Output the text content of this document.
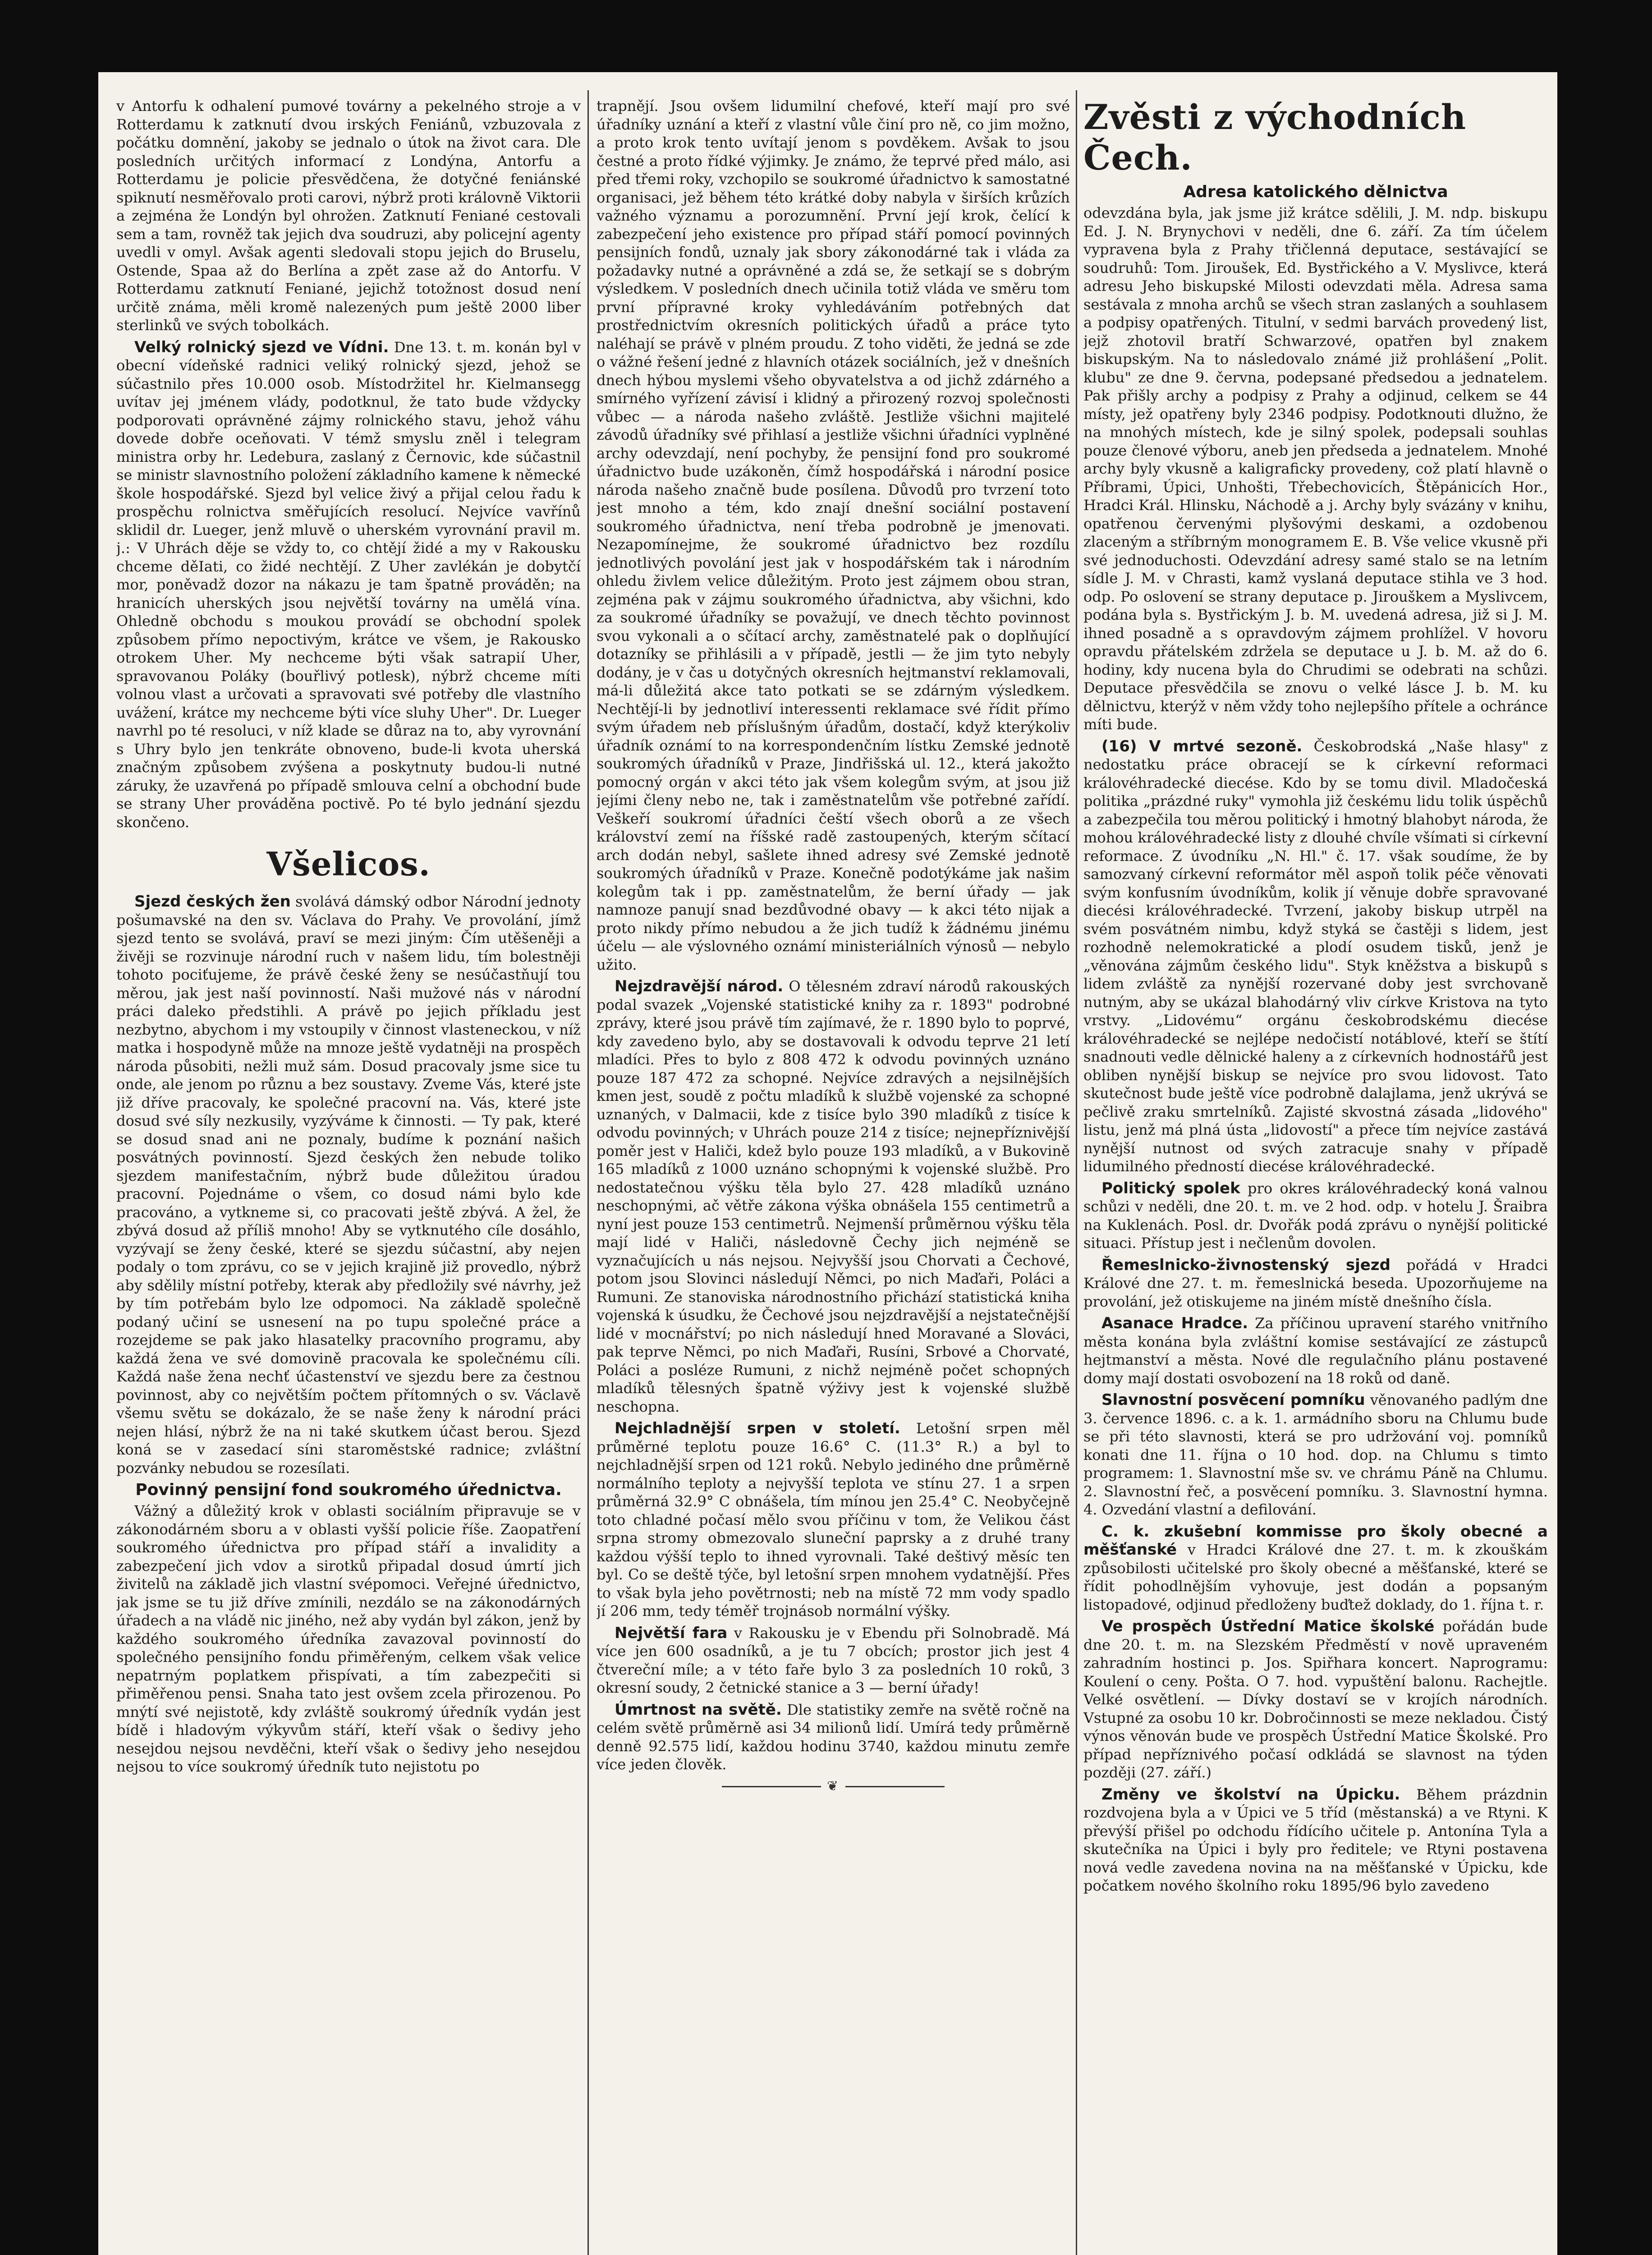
v Antorfu k odhalení pumové továrny a pekelného stroje a v Rotterdamu k zatknutí dvou irských Feniánů, vzbuzovala z počátku domnění, jakoby se jednalo o útok na život cara. Dle posledních určitých informací z Londýna, Antorfu a Rotterdamu je policie přesvědčena, že dotyčné feniánské spiknutí nesměřovalo proti carovi, nýbrž proti královně Viktorii a zejména že Londýn byl ohrožen. Zatknutí Feniané cestovali sem a tam, rovněž tak jejich dva soudruzi, aby policejní agenty uvedli v omyl. Avšak agenti sledovali stopu jejich do Bruselu, Ostende, Spaa až do Berlína a zpět zase až do Antorfu. V Rotterdamu zatknutí Feniané, jejichž totožnost dosud není určitě známa, měli kromě nalezených pum ještě 2000 liber sterlinků ve svých tobolkách.

Velký rolnický sjezd ve Vídni. Dne 13. t. m. konán byl v obecní vídeňské radnici veliký rolnický sjezd, jehož se súčastnilo přes 10.000 osob. Místodržitel hr. Kielmansegg uvítav jej jménem vlády, podotknul, že tato bude vždycky podporovati oprávněné zájmy rolnického stavu, jehož váhu dovede dobře oceňovati. V témž smyslu zněl i telegram ministra orby hr. Ledebura, zaslaný z Černovic, kde súčastnil se ministr slavnostního položení základního kamene k německé škole hospodářské. Sjezd byl velice živý a přijal celou řadu k prospěchu rolnictva směřujících resolucí. Nejvíce vavřínů sklidil dr. Lueger, jenž mluvě o uherském vyrovnání pravil m. j.: V Uhrách děje se vždy to, co chtějí židé a my v Rakousku chceme děIati, co židé nechtějí. Z Uher zavlékán je dobytčí mor, poněvadž dozor na nákazu je tam špatně prováděn; na hranicích uherských jsou největší továrny na umělá vína. Ohledně obchodu s moukou provádí se obchodní spolek způsobem přímo nepoctivým, krátce ve všem, je Rakousko otrokem Uher. My nechceme býti však satrapií Uher, spravovanou Poláky (bouřlivý potlesk), nýbrž chceme míti volnou vlast a určovati a spravovati své potřeby dle vlastního uvážení, krátce my nechceme býti více sluhy Uher". Dr. Lueger navrhl po té resoluci, v níž klade se důraz na to, aby vyrovnání s Uhry bylo jen tenkráte obnoveno, bude-li kvota uherská značným způsobem zvýšena a poskytnuty budou-li nutné záruky, že uzavřená po případě smlouva celní a obchodní bude se strany Uher prováděna poctivě. Po té bylo jednání sjezdu skončeno.

Všelicos.

Sjezd českých žen svolává dámský odbor Národní jednoty pošumavské na den sv. Václava do Prahy. Ve provolání, jímž sjezd tento se svolává, praví se mezi jiným: Čím utěšeněji a živěji se rozvinuje národní ruch v našem lidu, tím bolestněji tohoto pociťujeme, že právě české ženy se nesúčastňují tou měrou, jak jest naší povinností. Naši mužové nás v národní práci daleko předstihli. A právě po jejich příkladu jest nezbytno, abychom i my vstoupily v činnost vlasteneckou, v níž matka i hospodyně může na mnoze ještě vydatněji na prospěch národa působiti, nežli muž sám. Dosud pracovaly jsme sice tu onde, ale jenom po různu a bez soustavy. Zveme Vás, které jste již dříve pracovaly, ke společné pracovní na. Vás, které jste dosud své síly nezkusily, vyzýváme k činnosti. — Ty pak, které se dosud snad ani ne poznaly, budíme k poznání našich posvátných povinností. Sjezd českých žen nebude toliko sjezdem manifestačním, nýbrž bude důležitou úradou pracovní. Pojednáme o všem, co dosud námi bylo kde pracováno, a vytkneme si, co pracovati ještě zbývá. A žel, že zbývá dosud až příliš mnoho! Aby se vytknutého cíle dosáhlo, vyzývají se ženy české, které se sjezdu súčastní, aby nejen podaly o tom zprávu, co se v jejich krajině již provedlo, nýbrž aby sdělily místní potřeby, kterak aby předložily své návrhy, jež by tím potřebám bylo lze odpomoci. Na základě společně podaný učiní se usnesení na po tupu společné práce a rozejdeme se pak jako hlasatelky pracovního programu, aby každá žena ve své domovině pracovala ke společnému cíli. Každá naše žena nechť účastenství ve sjezdu bere za čestnou povinnost, aby co největším počtem přítomných o sv. Václavě všemu světu se dokázalo, že se naše ženy k národní práci nejen hlásí, nýbrž že na ni také skutkem účast berou. Sjezd koná se v zasedací síni staroměstské radnice; zvláštní pozvánky nebudou se rozesílati.

Povinný pensijní fond soukromého úřednictva.

Vážný a důležitý krok v oblasti sociálním připravuje se v zákonodárném sboru a v oblasti vyšší policie říše. Zaopatření soukromého úřednictva pro případ stáří a invalidity a zabezpečení jich vdov a sirotků připadal dosud úmrtí jich živitelů na základě jich vlastní svépomoci. Veřejné úřednictvo, jak jsme se tu již dříve zmínili, nezdálo se na zákonodárných úřadech a na vládě nic jiného, než aby vydán byl zákon, jenž by každého soukromého úředníka zavazoval povinností do společného pensijního fondu přiměřeným, celkem však velice nepatrným poplatkem přispívati, a tím zabezpečiti si přiměřenou pensi. Snaha tato jest ovšem zcela přirozenou. Po mnýtí své nejistotě, kdy zvláště soukromý úředník vydán jest bídě i hladovým výkyvům stáří, kteří však o šedivy jeho nesejdou nejsou nevděčni, kteří však o šedivy jeho nesejdou nejsou to více soukromý úředník tuto nejistotu po

trapnějí. Jsou ovšem lidumilní chefové, kteří mají pro své úřadníky uznání a kteří z vlastní vůle činí pro ně, co jim možno, a proto krok tento uvítají jenom s povděkem. Avšak to jsou čestné a proto řídké výjimky. Je známo, že teprvé před málo, asi před třemi roky, vzchopilo se soukromé úřadnictvo k samostatné organisaci, jež během této krátké doby nabyla v širších krůzích važného významu a porozumnění. První její krok, čelící k zabezpečení jeho existence pro případ stáří pomocí povinných pensijních fondů, uznaly jak sbory zákonodárné tak i vláda za požadavky nutné a oprávněné a zdá se, že setkají se s dobrým výsledkem. V posledních dnech učinila totiž vláda ve směru tom první přípravné kroky vyhledáváním potřebných dat prostřednictvím okresních politických úřadů a práce tyto naléhají se právě v plném proudu. Z toho viděti, že jedná se zde o vážné řešení jedné z hlavních otázek sociálních, jež v dnešních dnech hýbou myslemi všeho obyvatelstva a od jichž zdárného a smírného vyřízení závisí i klidný a přirozený rozvoj společnosti vůbec — a národa našeho zvláště. Jestliže všichni majitelé závodů úřadníky své přihlasí a jestliže všichni úřadníci vyplněné archy odevzdají, není pochyby, že pensijní fond pro soukromé úřadnictvo bude uzákoněn, čímž hospodářská i národní posice národa našeho značně bude posílena. Důvodů pro tvrzení toto jest mnoho a tém, kdo znají dnešní sociální postavení soukromého úřadnictva, není třeba podrobně je jmenovati. Nezapomínejme, že soukromé úřadnictvo bez rozdílu jednotlivých povolání jest jak v hospodářském tak i národním ohledu živlem velice důležitým. Proto jest zájmem obou stran, zejména pak v zájmu soukromého úřadnictva, aby všichni, kdo za soukromé úřadníky se považují, ve dnech těchto povinnost svou vykonali a o sčítací archy, zaměstnatelé pak o doplňující dotazníky se přihlásili a v případě, jestli — že jim tyto nebyly dodány, je v čas u dotyčných okresních hejtmanství reklamovali, má-li důležitá akce tato potkati se se zdárným výsledkem. Nechtějí-li by jednotliví interessenti reklamace své řídit přímo svým úřadem neb příslušným úřadům, dostačí, když kterýkoliv úřadník oznámí to na korrespondenčním lístku Zemské jednotě soukromých úřadníků v Praze, Jindřišská ul. 12., která jakožto pomocný orgán v akci této jak všem kolegům svým, at jsou již jejími členy nebo ne, tak i zaměstnatelům vše potřebné zařídí. Veškeří soukromí úřadníci čeští všech oborů a ze všech království zemí na říšské radě zastoupených, kterým sčítací arch dodán nebyl, sašlete ihned adresy své Zemské jednotě soukromých úřadníků v Praze. Konečně podotýkáme jak našim kolegům tak i pp. zaměstnatelům, že berní úřady — jak namnoze panují snad bezdůvodné obavy — k akci této nijak a proto nikdy přímo nebudou a že jich tudíž k žádnému jinému účelu — ale výslovného oznámí ministeriálních výnosů — nebylo užito.

Nejzdravější národ. O tělesném zdraví národů rakouských podal svazek „Vojenské statistické knihy za r. 1893" podrobné zprávy, které jsou právě tím zajímavé, že r. 1890 bylo to poprvé, kdy zavedeno bylo, aby se dostavovali k odvodu teprve 21 letí mladíci. Přes to bylo z 808 472 k odvodu povinných uznáno pouze 187 472 za schopné. Nejvíce zdravých a nejsilnějších kmen jest, soudě z počtu mladíků k službě vojenské za schopné uznaných, v Dalmacii, kde z tisíce bylo 390 mladíků z tisíce k odvodu povinných; v Uhrách pouze 214 z tisíce; nejnepříznivější poměr jest v Haliči, kdež bylo pouze 193 mladíků, a v Bukovině 165 mladíků z 1000 uznáno schopnými k vojenské službě. Pro nedostatečnou výšku těla bylo 27. 428 mladíků uznáno neschopnými, ač větře zákona výška obnášela 155 centimetrů a nyní jest pouze 153 centimetrů. Nejmenší průměrnou výšku těla mají lidé v Haliči, následovně Čechy jich nejméně se vyznačujících u nás nejsou. Nejvyšší jsou Chorvati a Čechové, potom jsou Slovinci následují Němci, po nich Maďaři, Poláci a Rumuni. Ze stanoviska národnostního přichází statistická kniha vojenská k úsudku, že Čechové jsou nejzdravější a nejstatečnější lidé v mocnářství; po nich následují hned Moravané a Slováci, pak teprve Němci, po nich Maďaři, Rusíni, Srbové a Chorvaté, Poláci a posléze Rumuni, z nichž nejméně počet schopných mladíků tělesných špatně výživy jest k vojenské službě neschopna.

Nejchladnější srpen v století. Letošní srpen měl průměrné teplotu pouze 16.6° C. (11.3° R.) a byl to nejchladnější srpen od 121 roků. Nebylo jediného dne průměrně normálního teploty a nejvyšší teplota ve stínu 27. 1 a srpen průměrná 32.9° C obnášela, tím mínou jen 25.4° C. Neobyčejně toto chladné počasí mělo svou příčinu v tom, že Velikou část srpna stromy obmezovalo sluneční paprsky a z druhé trany každou výšší teplo to ihned vyrovnali. Také deštivý měsíc ten byl. Co se deště týče, byl letošní srpen mnohem vydatnější. Přes to však byla jeho povětrnosti; neb na místě 72 mm vody spadlo jí 206 mm, tedy téměř trojnásob normální výšky.

Největší fara v Rakousku je v Ebendu při Solnobradě. Má více jen 600 osadníků, a je tu 7 obcích; prostor jich jest 4 čtvereční míle; a v této faře bylo 3 za posledních 10 roků, 3 okresní soudy, 2 četnické stanice a 3 — berní úřady!

Úmrtnost na světě. Dle statistiky zemře na světě ročně na celém světě průměrně asi 34 milionů lidí. Umírá tedy průměrně denně 92.575 lidí, každou hodinu 3740, každou minutu zemře více jeden člověk.

❦
Zvěsti z východních Čech.
Adresa katolického dělnictva

odevzdána byla, jak jsme již krátce sdělili, J. M. ndp. biskupu Ed. J. N. Brynychovi v neděli, dne 6. září. Za tím účelem vypravena byla z Prahy třičlenná deputace, sestávající se soudruhů: Tom. Jiroušek, Ed. Bystřického a V. Myslivce, která adresu Jeho biskupské Milosti odevzdati měla. Adresa sama sestávala z mnoha archů se všech stran zaslaných a souhlasem a podpisy opatřených. Titulní, v sedmi barvách provedený list, jejž zhotovil bratří Schwarzové, opatřen byl znakem biskupským. Na to následovalo známé již prohlášení „Polit. klubu" ze dne 9. června, podepsané předsedou a jednatelem. Pak přišly archy a podpisy z Prahy a odjinud, celkem se 44 místy, jež opatřeny byly 2346 podpisy. Podotknouti dlužno, že na mnohých místech, kde je silný spolek, podepsali souhlas pouze členové výboru, aneb jen předseda a jednatelem. Mnohé archy byly vkusně a kaligraficky provedeny, což platí hlavně o Příbrami, Úpici, Unhošti, Třebechovicích, Štěpánicích Hor., Hradci Král. Hlinsku, Náchodě a j. Archy byly svázány v knihu, opatřenou červenými plyšovými deskami, a ozdobenou zlaceným a stříbrným monogramem E. B. Vše velice vkusně při své jednoduchosti. Odevzdání adresy samé stalo se na letním sídle J. M. v Chrasti, kamž vyslaná deputace stihla ve 3 hod. odp. Po oslovení se strany deputace p. Jirouškem a Myslivcem, podána byla s. Bystřickým J. b. M. uvedená adresa, již si J. M. ihned posadně a s opravdovým zájmem prohlížel. V hovoru opravdu přátelském zdržela se deputace u J. b. M. až do 6. hodiny, kdy nucena byla do Chrudimi se odebrati na schůzi. Deputace přesvědčila se znovu o velké lásce J. b. M. ku dělnictvu, kterýž v něm vždy toho nejlepšího přítele a ochránce míti bude.

(16) V mrtvé sezoně. Českobrodská „Naše hlasy" z nedostatku práce obracejí se k církevní reformaci královéhradecké diecése. Kdo by se tomu divil. Mladočeská politika „prázdné ruky" vymohla již českému lidu tolik úspěchů a zabezpečila tou měrou politický i hmotný blahobyt národa, že mohou královéhradecké listy z dlouhé chvíle všímati si církevní reformace. Z úvodníku „N. Hl." č. 17. však soudíme, že by samozvaný církevní reformátor měl aspoň tolik péče věnovati svým konfusním úvodníkům, kolik jí věnuje dobře spravované diecési královéhradecké. Tvrzení, jakoby biskup utrpěl na svém posvátném nimbu, když styká se častěji s lidem, jest rozhodně nelemokratické a plodí osudem tisků, jenž je „věnována zájmům českého lidu". Styk kněžstva a biskupů s lidem zvláště za nynější rozervané doby jest svrchovaně nutným, aby se ukázal blahodárný vliv církve Kristova na tyto vrstvy. „Lidovému“ orgánu českobrodskému diecése královéhradecké se nejlépe nedočistí notáblové, kteří se štítí snadnouti vedle dělnické haleny a z církevních hodnostářů jest obliben nynější biskup se nejvíce pro svou lidovost. Tato skutečnost bude ještě více podrobně dalajlama, jenž ukrývá se pečlivě zraku smrtelníků. Zajisté skvostná zásada „lidového" listu, jenž má plná ústa „lidovostí" a přece tím nejvíce zastává nynější nutnost od svých zatracuje snahy v případě lidumilného předností diecése královéhradecké.

Politický spolek pro okres královéhradecký koná valnou schůzi v neděli, dne 20. t. m. ve 2 hod. odp. v hotelu J. Šraibra na Kuklenách. Posl. dr. Dvořák podá zprávu o nynější politické situaci. Přístup jest i nečlenům dovolen.

Řemeslnicko-živnostenský sjezd pořádá v Hradci Králové dne 27. t. m. řemeslnická beseda. Upozorňujeme na provolání, jež otiskujeme na jiném místě dnešního čísla.

Asanace Hradce. Za příčinou upravení starého vnitřního města konána byla zvláštní komise sestávající ze zástupců hejtmanství a města. Nové dle regulačního plánu postavené domy mají dostati osvobození na 18 roků od daně.

Slavnostní posvěcení pomníku věnovaného padlým dne 3. července 1896. c. a k. 1. armádního sboru na Chlumu bude se při této slavnosti, která se pro udržování voj. pomníků konati dne 11. října o 10 hod. dop. na Chlumu s timto programem: 1. Slavnostní mše sv. ve chrámu Páně na Chlumu. 2. Slavnostní řeč, a posvěcení pomníku. 3. Slavnostní hymna. 4. Ozvedání vlastní a defilování.

C. k. zkušební kommisse pro školy obecné a měšťanské v Hradci Králové dne 27. t. m. k zkouškám způsobilosti učitelské pro školy obecné a měšťanské, které se řídit pohodlnějším vyhovuje, jest dodán a popsaným listopadové, odjinud předloženy buďtež doklady, do 1. října t. r.

Ve prospěch Ústřední Matice školské pořádán bude dne 20. t. m. na Slezském Předměstí v nově upraveném zahradním hostinci p. Jos. Spiřhara koncert. Naprogramu: Koulení o ceny. Pošta. O 7. hod. vypuštění balonu. Rachejtle. Velké osvětlení. — Dívky dostaví se v krojích národních. Vstupné za osobu 10 kr. Dobročinnosti se meze nekladou. Čistý výnos věnován bude ve prospěch Ústřední Matice Školské. Pro případ nepříznivého počasí odkládá se slavnost na týden později (27. září.)

Změny ve školství na Úpicku. Během prázdnin rozdvojena byla a v Úpici ve 5 tříd (městanská) a ve Rtyni. K převýší přišel po odchodu řídícího učitele p. Antonína Tyla a skutečníka na Úpici i byly pro ředitele; ve Rtyni postavena nová vedle zavedena novina na na měšťanské v Úpicku, kde počatkem nového školního roku 1895/96 bylo zavedeno
